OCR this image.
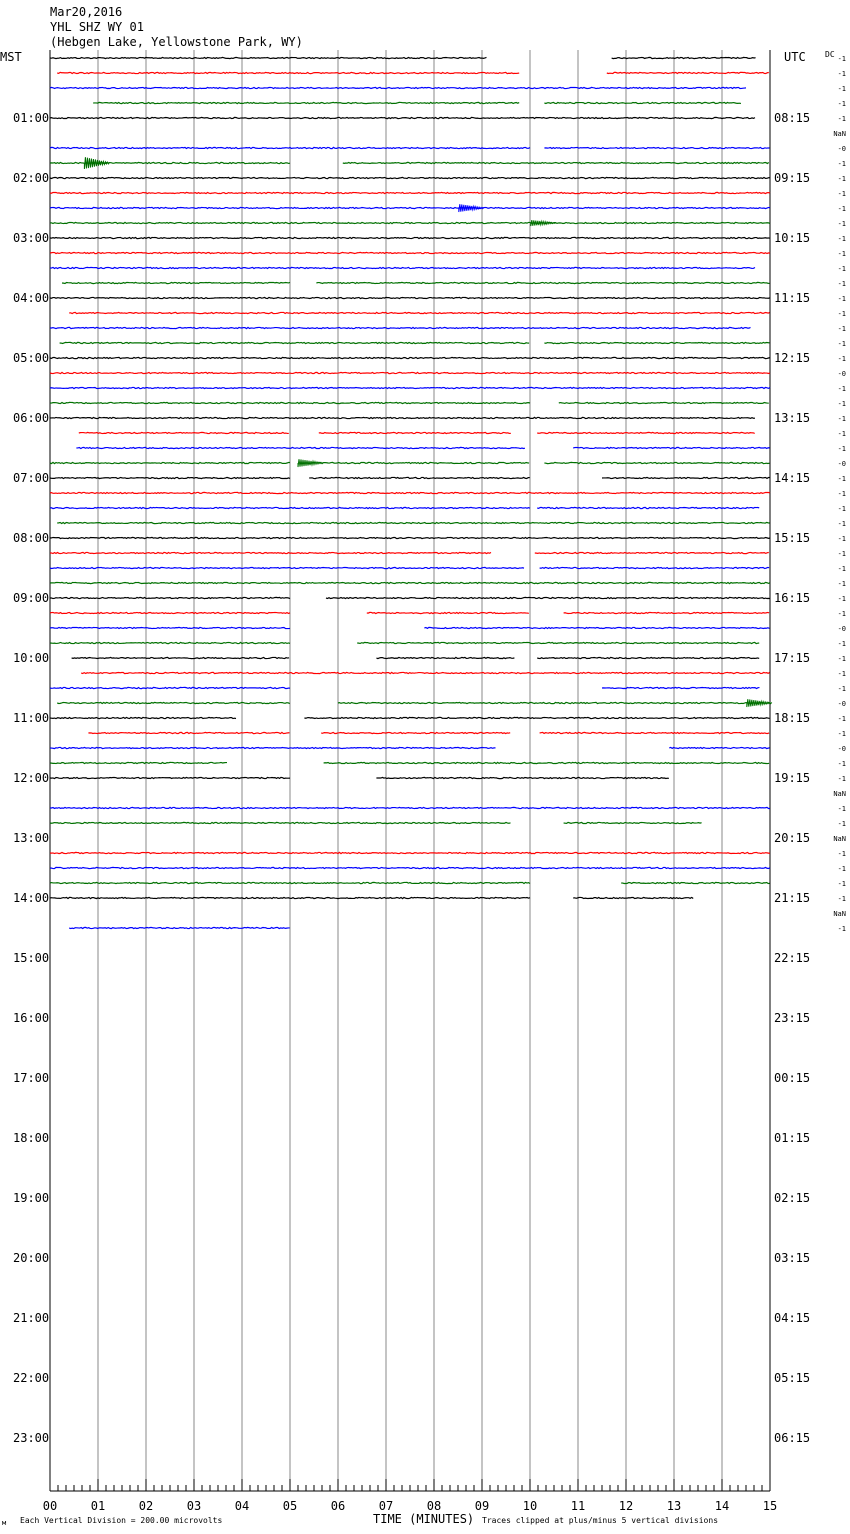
Mar20,2016
YHL SHZ WY 01
(Hebgen Lake, Yellowstone Park, WY)
MST	UTC DC
01:00
02:00
03:00
04:00
05:00
06:00
07:00
08:00
09:00
10:00
11:00
12:00
13:00
14:00
15:00
16:00
17:00
18:00
19:00
20:00
21:00
22:00
23:00
08:15
09:15
10:15
11:15
12:15
13:15
14:15
15:15
16:15
17:15
18:15
19:15
20:15
21:15
22:15
23:15
00:15
01:15
02:15
03:15
04:15
05:15
06:15
-1
-1
-1
-1
-1
NaN
-0
-1
-1
-1
-1
-1
-1
-1
-1
-1
-1
-1
-1
-1
-1
-0
-1
-1
-1
-1
-1
-0
-1
-1
-1
-1
-1
-1
-1
-1
-1
-1
-0
-1
-1
-1
-1
-0
-1
-1
-0
-1
-1
NaN
-1
-1
NaN
-1
-1
-1
-1
NaN
-1
00	01	02	03	04	05	06	07	08	09	10	11	12	13	14	15
м Each Vertical Division = 200.00 microvolts	TIME (MINUTES) Traces clipped at plus/minus 5 vertical divisions
